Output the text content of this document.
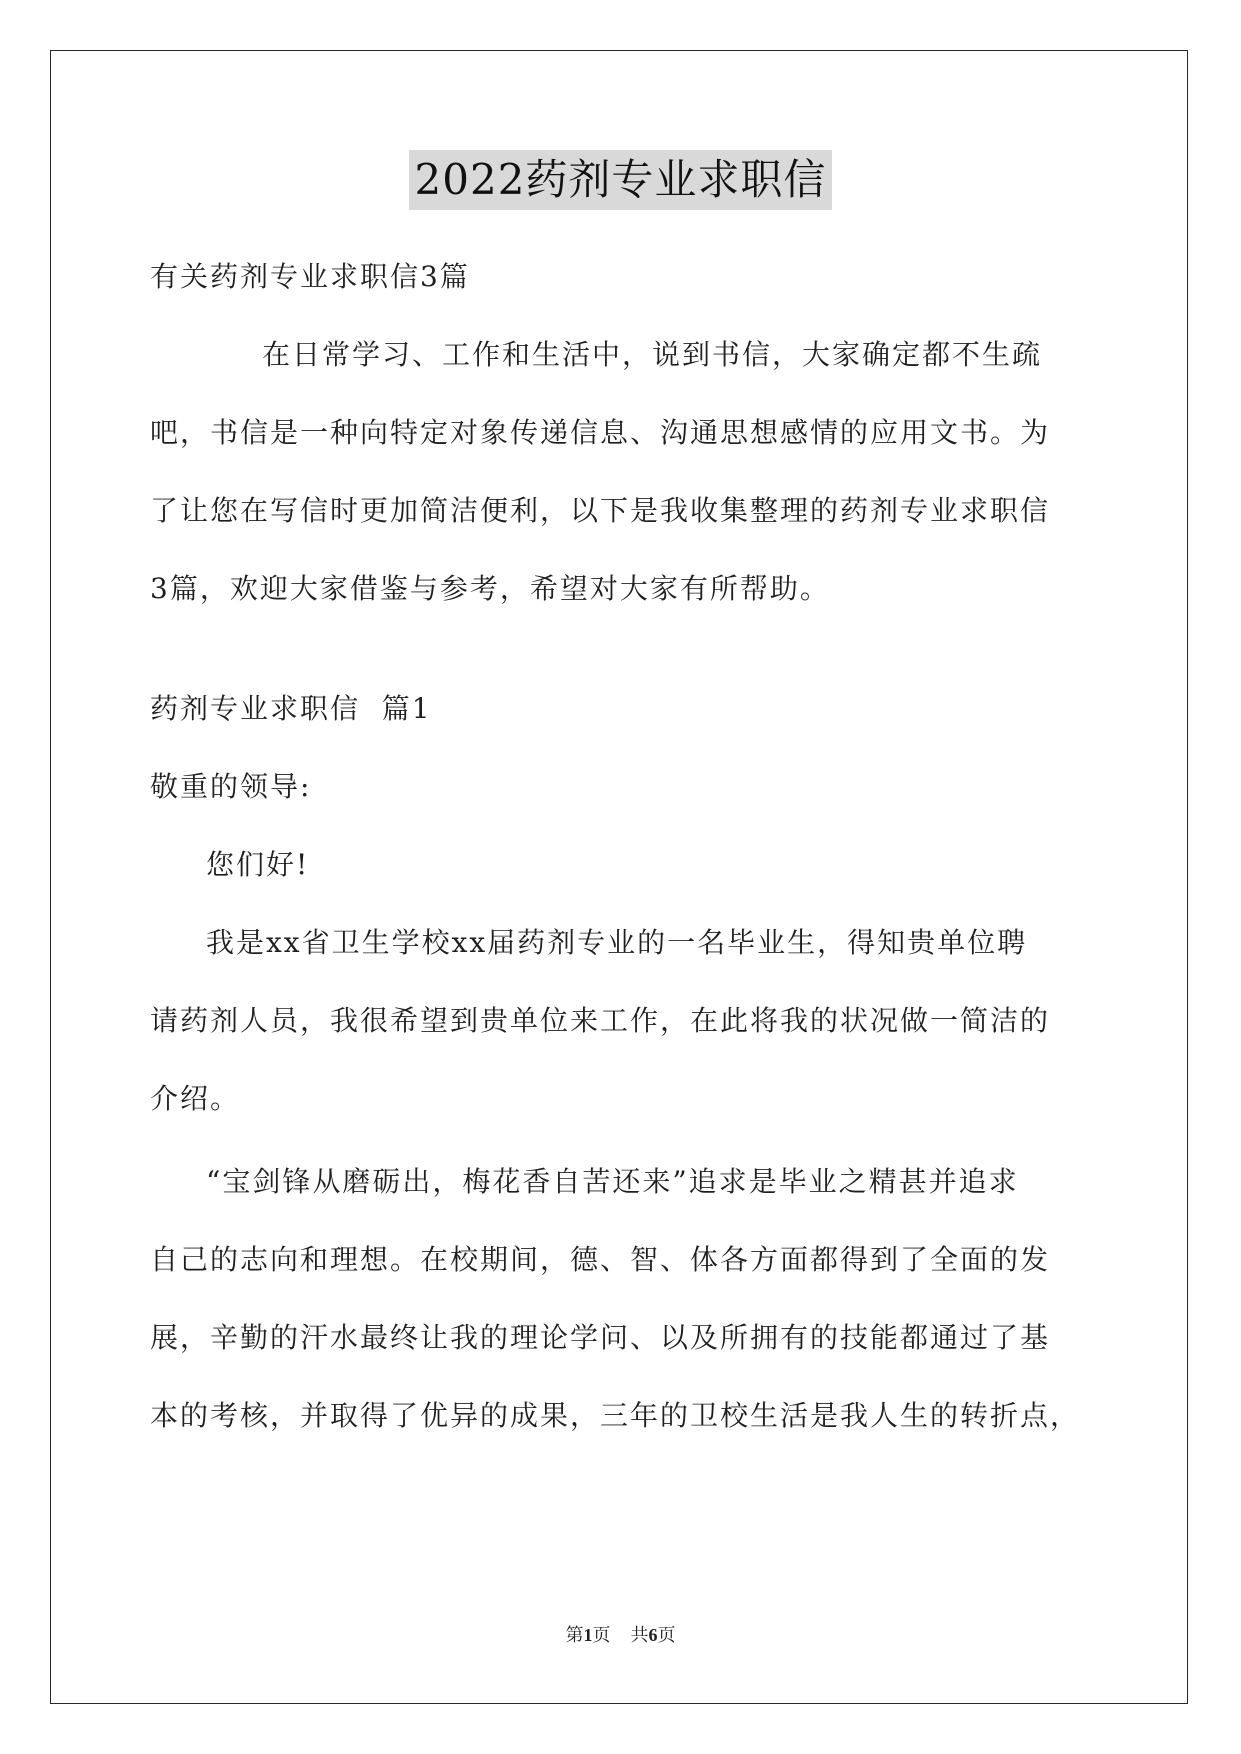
2022药剂专业求职信

有关药剂专业求职信3篇

在日常学习、工作和生活中，说到书信，大家确定都不生疏

吧，书信是一种向特定对象传递信息、沟通思想感情的应用文书。为

了让您在写信时更加简洁便利，以下是我收集整理的药剂专业求职信

3篇，欢迎大家借鉴与参考，希望对大家有所帮助。

药剂专业求职信  篇1

敬重的领导:

您们好!

我是xx省卫生学校xx届药剂专业的一名毕业生，得知贵单位聘

请药剂人员，我很希望到贵单位来工作，在此将我的状况做一简洁的

介绍。

“宝剑锋从磨砺出，梅花香自苦还来”追求是毕业之精甚并追求

自己的志向和理想。在校期间，德、智、体各方面都得到了全面的发

展，辛勤的汗水最终让我的理论学问、以及所拥有的技能都通过了基

本的考核，并取得了优异的成果，三年的卫校生活是我人生的转折点，

第1页 共6页
